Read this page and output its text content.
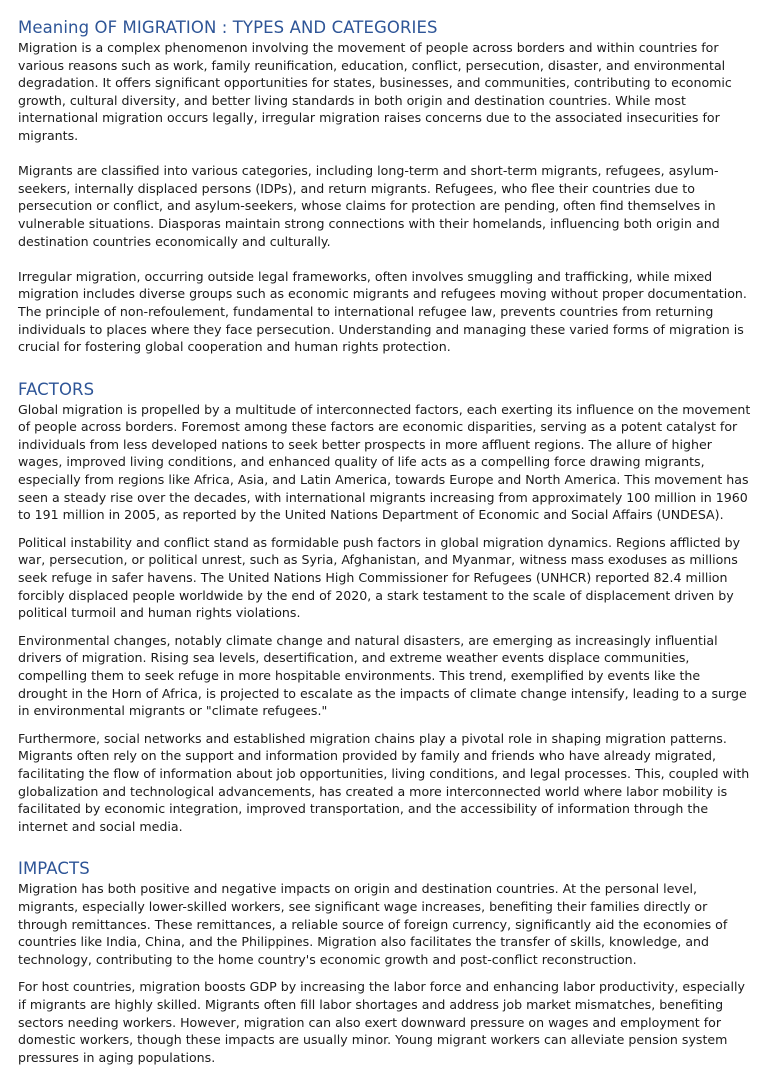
Meaning OF MIGRATION : TYPES AND CATEGORIES

Migration is a complex phenomenon involving the movement of people across borders and within countries for various reasons such as work, family reunification, education, conflict, persecution, disaster, and environmental degradation. It offers significant opportunities for states, businesses, and communities, contributing to economic growth, cultural diversity, and better living standards in both origin and destination countries. While most international migration occurs legally, irregular migration raises concerns due to the associated insecurities for migrants.

Migrants are classified into various categories, including long-term and short-term migrants, refugees, asylum-seekers, internally displaced persons (IDPs), and return migrants. Refugees, who flee their countries due to persecution or conflict, and asylum-seekers, whose claims for protection are pending, often find themselves in vulnerable situations. Diasporas maintain strong connections with their homelands, influencing both origin and destination countries economically and culturally.

Irregular migration, occurring outside legal frameworks, often involves smuggling and trafficking, while mixed migration includes diverse groups such as economic migrants and refugees moving without proper documentation. The principle of non-refoulement, fundamental to international refugee law, prevents countries from returning individuals to places where they face persecution. Understanding and managing these varied forms of migration is crucial for fostering global cooperation and human rights protection.

FACTORS

Global migration is propelled by a multitude of interconnected factors, each exerting its influence on the movement of people across borders. Foremost among these factors are economic disparities, serving as a potent catalyst for individuals from less developed nations to seek better prospects in more affluent regions. The allure of higher wages, improved living conditions, and enhanced quality of life acts as a compelling force drawing migrants, especially from regions like Africa, Asia, and Latin America, towards Europe and North America. This movement has seen a steady rise over the decades, with international migrants increasing from approximately 100 million in 1960 to 191 million in 2005, as reported by the United Nations Department of Economic and Social Affairs (UNDESA).

Political instability and conflict stand as formidable push factors in global migration dynamics. Regions afflicted by war, persecution, or political unrest, such as Syria, Afghanistan, and Myanmar, witness mass exoduses as millions seek refuge in safer havens. The United Nations High Commissioner for Refugees (UNHCR) reported 82.4 million forcibly displaced people worldwide by the end of 2020, a stark testament to the scale of displacement driven by political turmoil and human rights violations.

Environmental changes, notably climate change and natural disasters, are emerging as increasingly influential drivers of migration. Rising sea levels, desertification, and extreme weather events displace communities, compelling them to seek refuge in more hospitable environments. This trend, exemplified by events like the drought in the Horn of Africa, is projected to escalate as the impacts of climate change intensify, leading to a surge in environmental migrants or "climate refugees."

Furthermore, social networks and established migration chains play a pivotal role in shaping migration patterns. Migrants often rely on the support and information provided by family and friends who have already migrated, facilitating the flow of information about job opportunities, living conditions, and legal processes. This, coupled with globalization and technological advancements, has created a more interconnected world where labor mobility is facilitated by economic integration, improved transportation, and the accessibility of information through the internet and social media.

IMPACTS

Migration has both positive and negative impacts on origin and destination countries. At the personal level, migrants, especially lower-skilled workers, see significant wage increases, benefiting their families directly or through remittances. These remittances, a reliable source of foreign currency, significantly aid the economies of countries like India, China, and the Philippines. Migration also facilitates the transfer of skills, knowledge, and technology, contributing to the home country's economic growth and post-conflict reconstruction.

For host countries, migration boosts GDP by increasing the labor force and enhancing labor productivity, especially if migrants are highly skilled. Migrants often fill labor shortages and address job market mismatches, benefiting sectors needing workers. However, migration can also exert downward pressure on wages and employment for domestic workers, though these impacts are usually minor. Young migrant workers can alleviate pension system pressures in aging populations.
